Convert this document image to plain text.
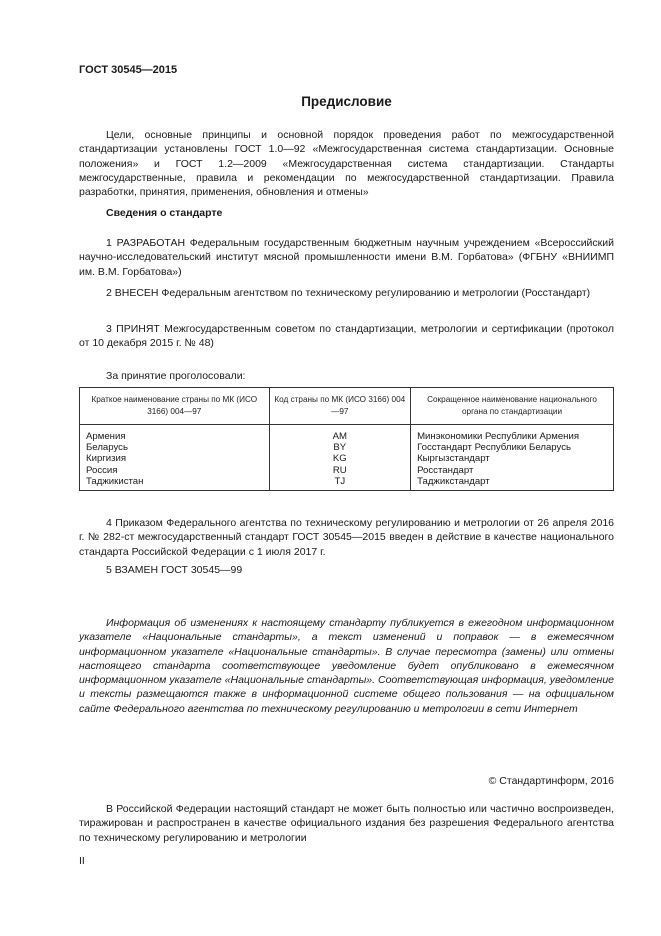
ГОСТ 30545—2015
Предисловие
Цели, основные принципы и основной порядок проведения работ по межгосударственной стандартизации установлены ГОСТ 1.0—92 «Межгосударственная система стандартизации. Основные положения» и ГОСТ 1.2—2009 «Межгосударственная система стандартизации. Стандарты межгосударственные, правила и рекомендации по межгосударственной стандартизации. Правила разработки, принятия, применения, обновления и отмены»
Сведения о стандарте
1 РАЗРАБОТАН Федеральным государственным бюджетным научным учреждением «Всероссийский научно-исследовательский институт мясной промышленности имени В.М. Горбатова» (ФГБНУ «ВНИИМП им. В.М. Горбатова»)
2 ВНЕСЕН Федеральным агентством по техническому регулированию и метрологии (Росстандарт)
3 ПРИНЯТ Межгосударственным советом по стандартизации, метрологии и сертификации (протокол от 10 декабря 2015 г. № 48)
За принятие проголосовали:
Краткое наименование страны по МК (ИСО 3166) 004—97	Код страны по МК (ИСО 3166) 004—97	Сокращенное наименование национального органа по стандартизации
Армения	AM	Минэкономики Республики Армения
Беларусь	BY	Госстандарт Республики Беларусь
Киргизия	KG	Кыргызстандарт
Россия	RU	Росстандарт
Таджикистан	TJ	Таджикстандарт
4 Приказом Федерального агентства по техническому регулированию и метрологии от 26 апреля 2016 г. № 282-ст межгосударственный стандарт ГОСТ 30545—2015 введен в действие в качестве национального стандарта Российской Федерации с 1 июля 2017 г.
5 ВЗАМЕН ГОСТ 30545—99
Информация об изменениях к настоящему стандарту публикуется в ежегодном информационном указателе «Национальные стандарты», а текст изменений и поправок — в ежемесячном информационном указателе «Национальные стандарты». В случае пересмотра (замены) или отмены настоящего стандарта соответствующее уведомление будет опубликовано в ежемесячном информационном указателе «Национальные стандарты». Соответствующая информация, уведомление и тексты размещаются также в информационной системе общего пользования — на официальном сайте Федерального агентства по техническому регулированию и метрологии в сети Интернет
© Стандартинформ, 2016
В Российской Федерации настоящий стандарт не может быть полностью или частично воспроизведен, тиражирован и распространен в качестве официального издания без разрешения Федерального агентства по техническому регулированию и метрологии
II
